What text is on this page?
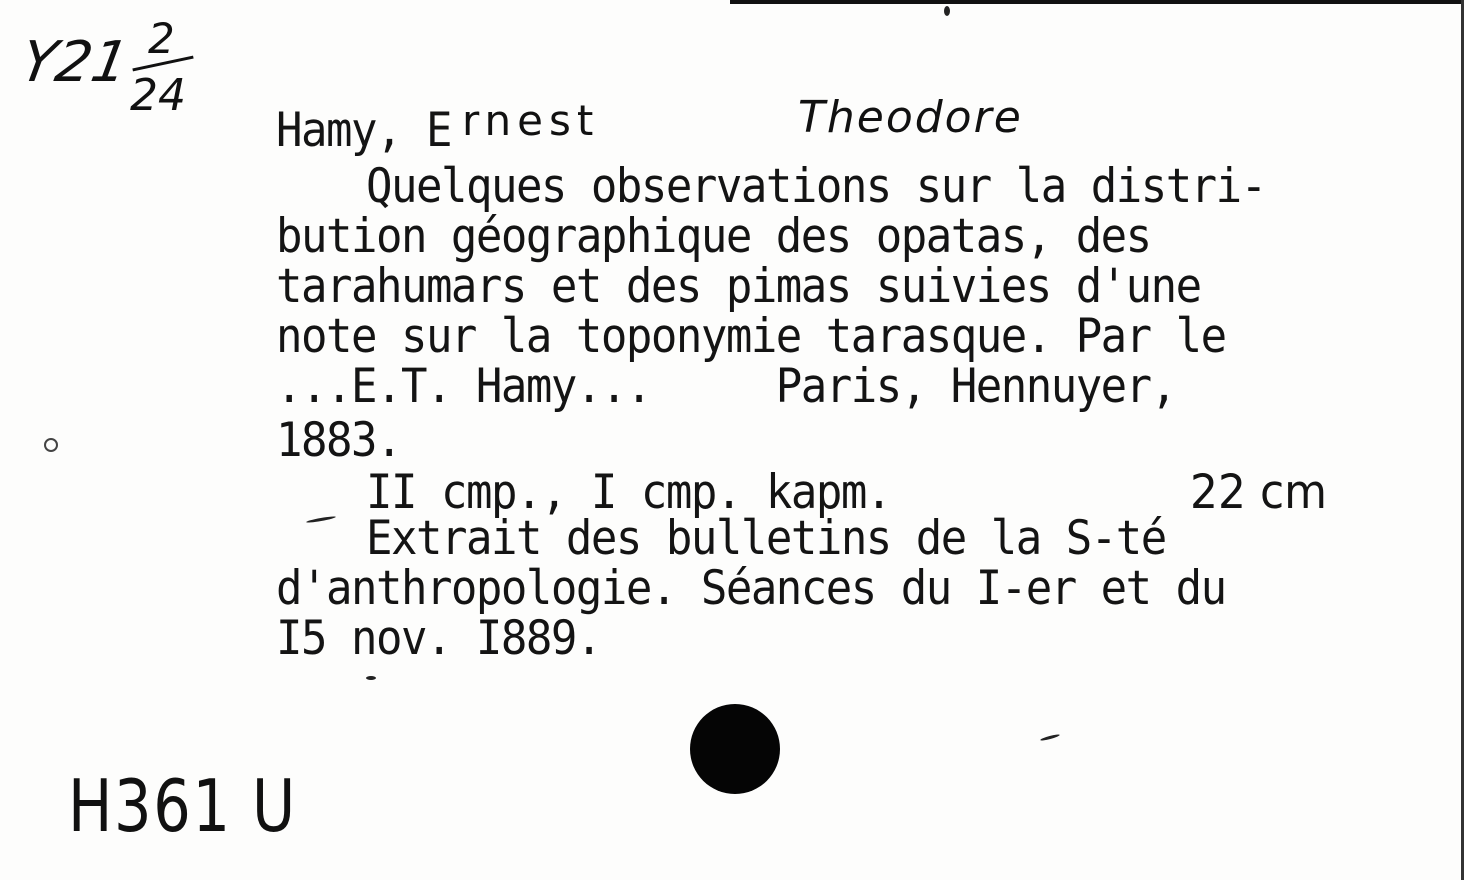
Y21 2
24
Hamy, E rnest	Theodore
Quelques observations sur la distri-
bution géographique des opatas, des
tarahumars et des pimas suivies d'une
note sur la toponymie tarasque. Par le
...E.T. Hamy...     Paris, Hennuyer,
1883.
II cmp., I cmp. kapm.	22 cm
Extrait des bulletins de la S-té
d'anthropologie. Séances du I-er et du
I5 nov. I889.
H361 U
